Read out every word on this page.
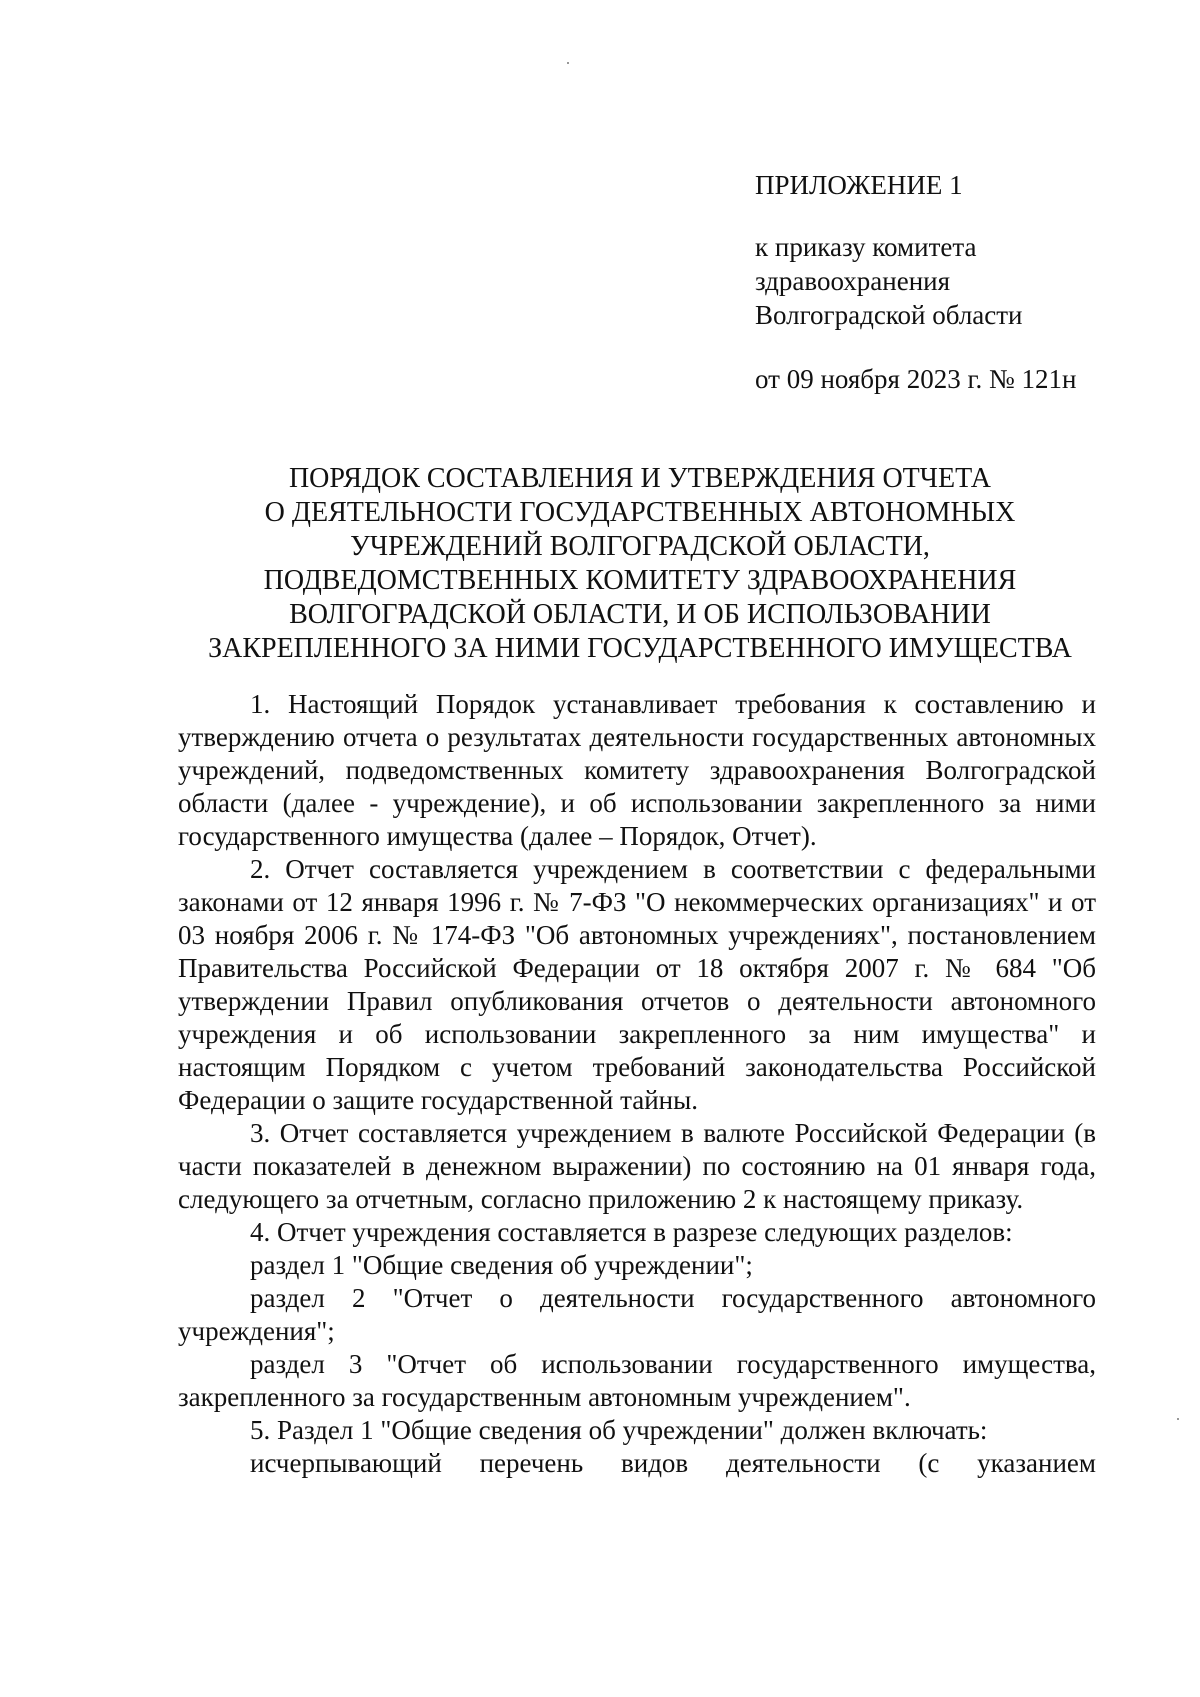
ПРИЛОЖЕНИЕ 1
к приказу комитета
здравоохранения
Волгоградской области
от 09 ноября 2023 г. № 121н
ПОРЯДОК СОСТАВЛЕНИЯ И УТВЕРЖДЕНИЯ ОТЧЕТА
О ДЕЯТЕЛЬНОСТИ ГОСУДАРСТВЕННЫХ АВТОНОМНЫХ
УЧРЕЖДЕНИЙ ВОЛГОГРАДСКОЙ ОБЛАСТИ,
ПОДВЕДОМСТВЕННЫХ КОМИТЕТУ ЗДРАВООХРАНЕНИЯ
ВОЛГОГРАДСКОЙ ОБЛАСТИ, И ОБ ИСПОЛЬЗОВАНИИ
ЗАКРЕПЛЕННОГО ЗА НИМИ ГОСУДАРСТВЕННОГО ИМУЩЕСТВА

1. Настоящий Порядок устанавливает требования к составлению и утверждению отчета о результатах деятельности государственных автономных учреждений, подведомственных комитету здравоохранения Волгоградской области (далее - учреждение), и об использовании закрепленного за ними государственного имущества (далее – Порядок, Отчет).

2. Отчет составляется учреждением в соответствии с федеральными законами от 12 января 1996 г. № 7-ФЗ "О некоммерческих организациях" и от 03 ноября 2006 г. № 174-ФЗ "Об автономных учреждениях", постановлением Правительства Российской Федерации от 18 октября 2007 г. № 684 "Об утверждении Правил опубликования отчетов о деятельности автономного учреждения и об использовании закрепленного за ним имущества" и настоящим Порядком с учетом требований законодательства Российской Федерации о защите государственной тайны.

3. Отчет составляется учреждением в валюте Российской Федерации (в части показателей в денежном выражении) по состоянию на 01 января года, следующего за отчетным, согласно приложению 2 к настоящему приказу.

4. Отчет учреждения составляется в разрезе следующих разделов:

раздел 1 "Общие сведения об учреждении";

раздел 2 "Отчет о деятельности государственного автономного учреждения";

раздел 3 "Отчет об использовании государственного имущества, закрепленного за государственным автономным учреждением".

5. Раздел 1 "Общие сведения об учреждении" должен включать:

исчерпывающий перечень видов деятельности (с указанием
